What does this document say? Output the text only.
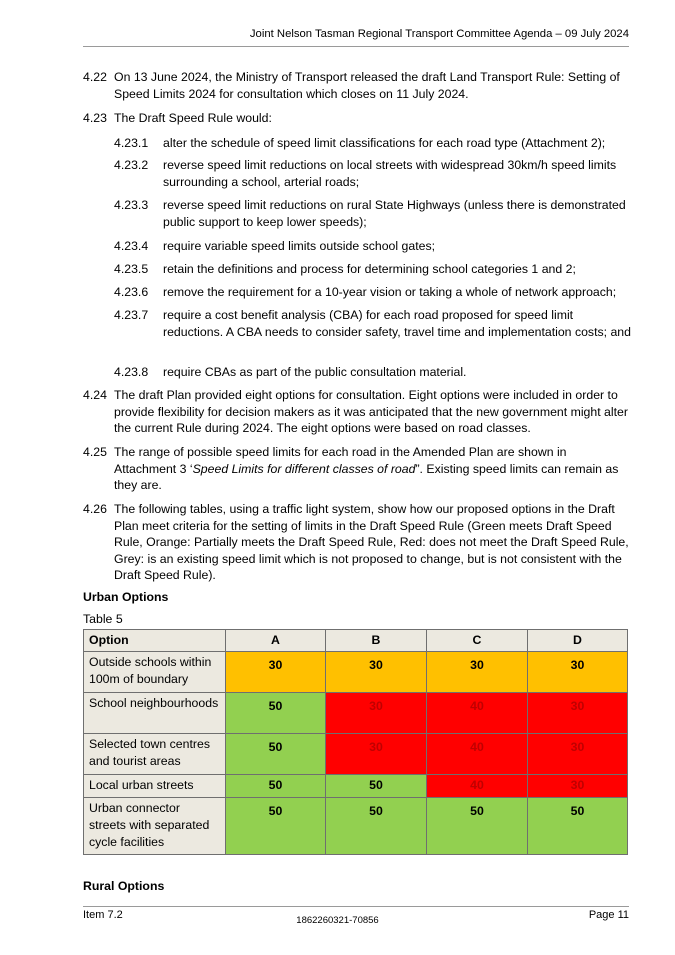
Joint Nelson Tasman Regional Transport Committee Agenda – 09 July 2024
4.22 On 13 June 2024, the Ministry of Transport released the draft Land Transport Rule: Setting of Speed Limits 2024 for consultation which closes on 11 July 2024.
4.23 The Draft Speed Rule would:
4.23.1 alter the schedule of speed limit classifications for each road type (Attachment 2);
4.23.2 reverse speed limit reductions on local streets with widespread 30km/h speed limits surrounding a school, arterial roads;
4.23.3 reverse speed limit reductions on rural State Highways (unless there is demonstrated public support to keep lower speeds);
4.23.4 require variable speed limits outside school gates;
4.23.5 retain the definitions and process for determining school categories 1 and 2;
4.23.6 remove the requirement for a 10-year vision or taking a whole of network approach;
4.23.7 require a cost benefit analysis (CBA) for each road proposed for speed limit reductions. A CBA needs to consider safety, travel time and implementation costs; and
4.23.8 require CBAs as part of the public consultation material.
4.24 The draft Plan provided eight options for consultation. Eight options were included in order to provide flexibility for decision makers as it was anticipated that the new government might alter the current Rule during 2024. The eight options were based on road classes.
4.25 The range of possible speed limits for each road in the Amended Plan are shown in Attachment 3 ‘Speed Limits for different classes of road”. Existing speed limits can remain as they are.
4.26 The following tables, using a traffic light system, show how our proposed options in the Draft Plan meet criteria for the setting of limits in the Draft Speed Rule (Green meets Draft Speed Rule, Orange: Partially meets the Draft Speed Rule, Red: does not meet the Draft Speed Rule, Grey: is an existing speed limit which is not proposed to change, but is not consistent with the Draft Speed Rule).
Urban Options
Table 5
Option	A	B	C	D
Outside schools within 100m of boundary	30	30	30	30
School neighbourhoods	50	30	40	30
Selected town centres and tourist areas	50	30	40	30
Local urban streets	50	50	40	30
Urban connector streets with separated cycle facilities	50	50	50	50
Rural Options
Item 7.2	1862260321-70856	Page 11
